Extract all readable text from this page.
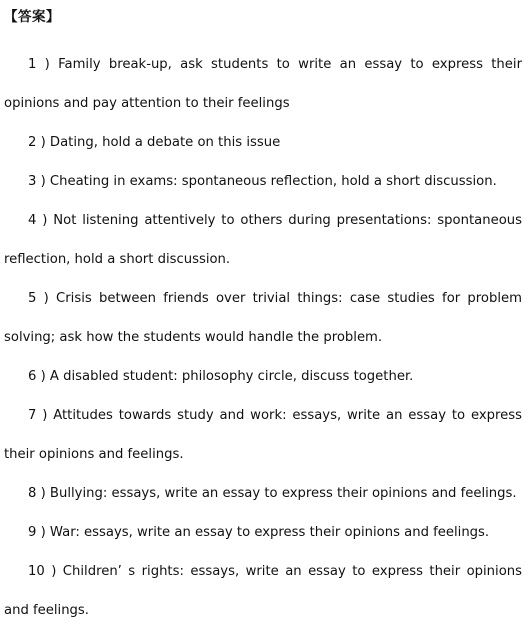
【答案】

1 ) Family break-up, ask students to write an essay to express their opinions and pay attention to their feelings

2 ) Dating, hold a debate on this issue

3 ) Cheating in exams: spontaneous reflection, hold a short discussion.

4 ) Not listening attentively to others during presentations: spontaneous reflection, hold a short discussion.

5 ) Crisis between friends over trivial things: case studies for problem solving; ask how the students would handle the problem.

6 ) A disabled student: philosophy circle, discuss together.

7 ) Attitudes towards study and work: essays, write an essay to express their opinions and feelings.

8 ) Bullying: essays, write an essay to express their opinions and feelings.

9 ) War: essays, write an essay to express their opinions and feelings.

10 ) Children’ s rights: essays, write an essay to express their opinions and feelings.
